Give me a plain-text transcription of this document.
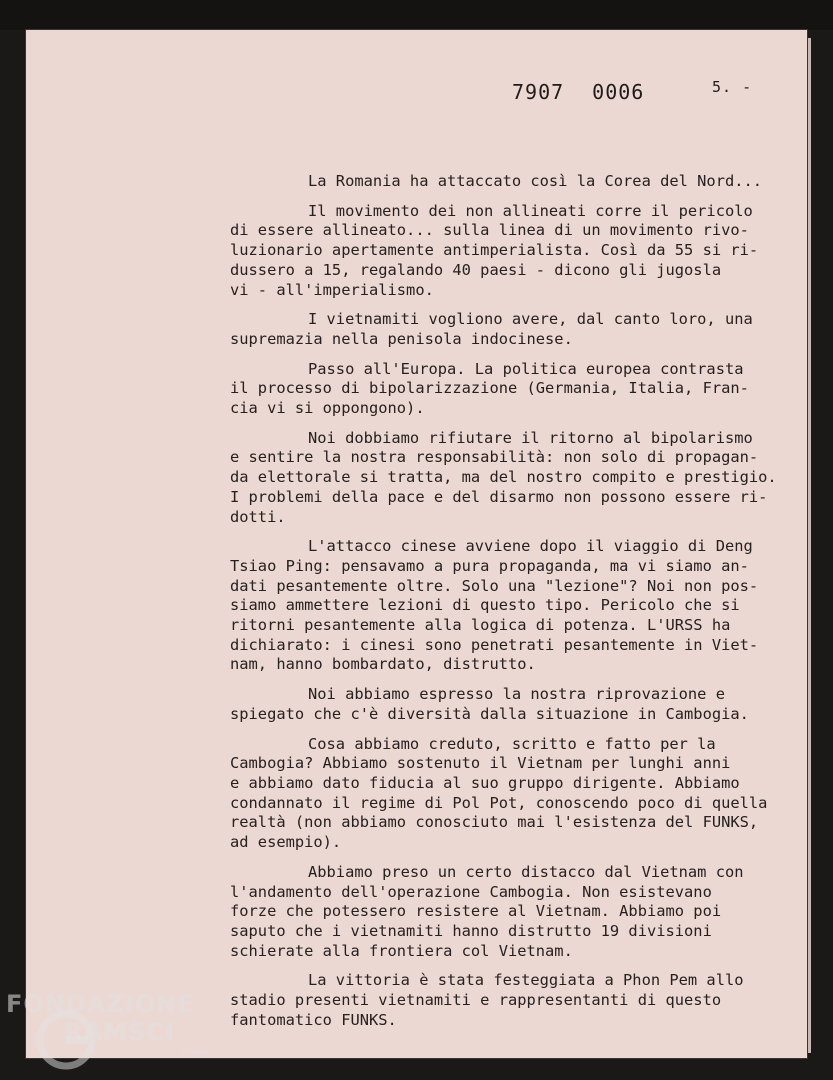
7907 0006	5. -
La Romania ha attaccato così la Corea del Nord...
Il movimento dei non allineati corre il pericolo
di essere allineato... sulla linea di un movimento rivo-
luzionario apertamente antimperialista. Così da 55 si ri-
dussero a 15, regalando 40 paesi - dicono gli jugosla
vi - all'imperialismo.
I vietnamiti vogliono avere, dal canto loro, una
supremazia nella penisola indocinese.
Passo all'Europa. La politica europea contrasta
il processo di bipolarizzazione (Germania, Italia, Fran-
cia vi si oppongono).
Noi dobbiamo rifiutare il ritorno al bipolarismo
e sentire la nostra responsabilità: non solo di propagan-
da elettorale si tratta, ma del nostro compito e prestigio.
I problemi della pace e del disarmo non possono essere ri-
dotti.
L'attacco cinese avviene dopo il viaggio di Deng
Tsiao Ping: pensavamo a pura propaganda, ma vi siamo an-
dati pesantemente oltre. Solo una "lezione"? Noi non pos-
siamo ammettere lezioni di questo tipo. Pericolo che si
ritorni pesantemente alla logica di potenza. L'URSS ha
dichiarato: i cinesi sono penetrati pesantemente in Viet-
nam, hanno bombardato, distrutto.
Noi abbiamo espresso la nostra riprovazione e
spiegato che c'è diversità dalla situazione in Cambogia.
Cosa abbiamo creduto, scritto e fatto per la
Cambogia? Abbiamo sostenuto il Vietnam per lunghi anni
e abbiamo dato fiducia al suo gruppo dirigente. Abbiamo
condannato il regime di Pol Pot, conoscendo poco di quella
realtà (non abbiamo conosciuto mai l'esistenza del FUNKS,
ad esempio).
Abbiamo preso un certo distacco dal Vietnam con
l'andamento dell'operazione Cambogia. Non esistevano
forze che potessero resistere al Vietnam. Abbiamo poi
saputo che i vietnamiti hanno distrutto 19 divisioni
schierate alla frontiera col Vietnam.
La vittoria è stata festeggiata a Phon Pem allo
stadio presenti vietnamiti e rappresentanti di questo
fantomatico FUNKS.
FONDAZIONE
RAMSCI
onlus
